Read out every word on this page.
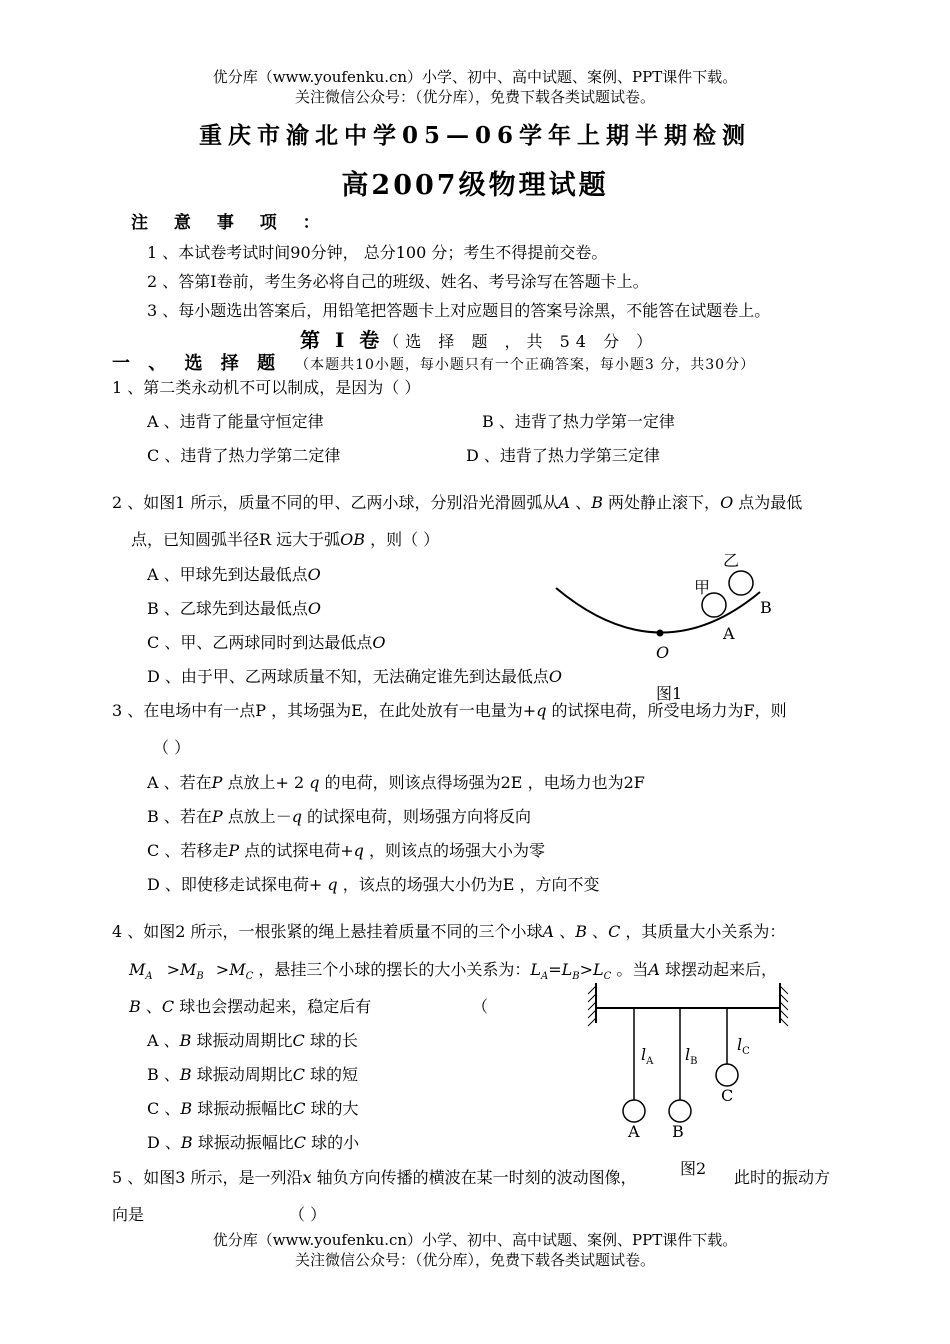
优分库（www.youfenku.cn）小学、初中、高中试题、案例、PPT课件下载。
关注微信公众号：（优分库），免费下载各类试题试卷。
重庆市渝北中学05—06学年上期半期检测
高2007级物理试题
注 意 事 项 ：
1 、本试卷考试时间90分钟， 总分100 分；考生不得提前交卷。
2 、答第Ⅰ卷前，考生务必将自己的班级、姓名、考号涂写在答题卡上。
3 、每小题选出答案后，用铅笔把答题卡上对应题目的答案号涂黑，不能答在试题卷上。
第 Ⅰ 卷（选 择 题 ，共 54 分 ）
一 、 选 择 题 （本题共10小题，每小题只有一个正确答案，每小题3 分，共30分）
1 、第二类永动机不可以制成，是因为（ ）
A 、违背了能量守恒定律	B 、违背了热力学第一定律
C 、违背了热力学第二定律	D 、违背了热力学第三定律
2 、如图1 所示，质量不同的甲、乙两小球，分别沿光滑圆弧从A 、B 两处静止滚下，O 点为最低
点，已知圆弧半径R 远大于弧OB ，则（ ）
A 、甲球先到达最低点O
B 、乙球先到达最低点O
C 、甲、乙两球同时到达最低点O
D 、由于甲、乙两球质量不知，无法确定谁先到达最低点O
乙
甲
B
A
O
图1
3 、在电场中有一点P ，其场强为E，在此处放有一电量为+q 的试探电荷，所受电场力为F，则
（ ）
A 、若在P 点放上+ 2 q 的电荷，则该点得场强为2E ，电场力也为2F
B 、若在P 点放上－q 的试探电荷，则场强方向将反向
C 、若移走P 点的试探电荷+q ，则该点的场强大小为零
D 、即使移走试探电荷+ q ，该点的场强大小仍为E ，方向不变
4 、如图2 所示，一根张紧的绳上悬挂着质量不同的三个小球A 、B 、C ，其质量大小关系为：
$M_A >M_B >M_C$ ，悬挂三个小球的摆长的大小关系为：$L_A=L_B>L_C$ 。当A 球摆动起来后，
B 、C 球也会摆动起来，稳定后有	（
A 、B 球振动周期比C 球的长
B 、B 球振动周期比C 球的短
C 、B 球振动振幅比C 球的大
D 、B 球振动振幅比C 球的小
$l_A$ $l_B$
$l_C$
A B
C
图2
5 、如图3 所示，是一列沿x 轴负方向传播的横波在某一时刻的波动图像，	此时的振动方
向是	（ ）
优分库（www.youfenku.cn）小学、初中、高中试题、案例、PPT课件下载。
关注微信公众号：（优分库），免费下载各类试题试卷。
